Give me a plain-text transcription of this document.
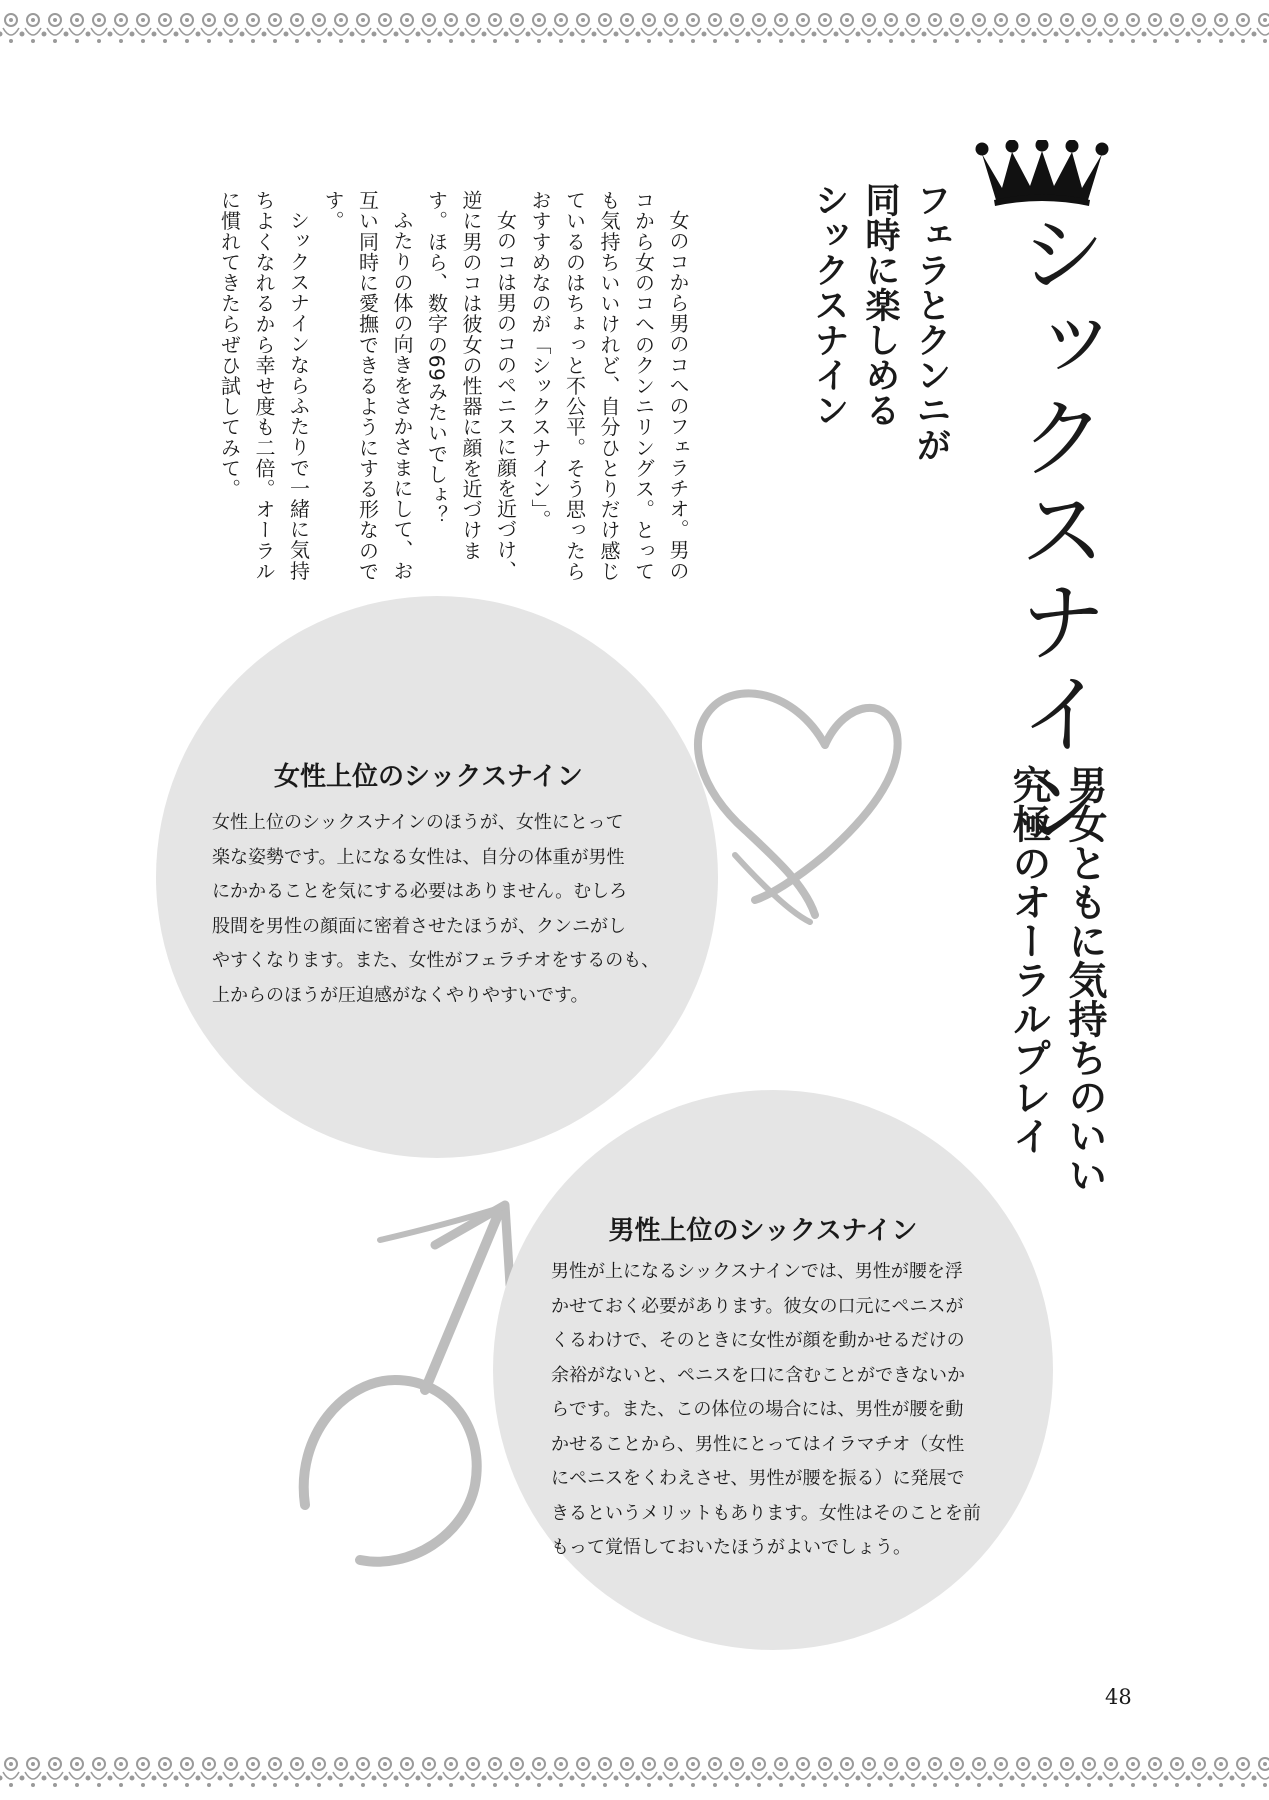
シックスナイン
男女ともに気持ちのいい
究極のオーラルプレイ
フェラとクンニが
同時に楽しめる
シックスナイン

女のコから男のコへのフェラチオ。男のコから女のコへのクンニリングス。とっても気持ちいいけれど、自分ひとりだけ感じているのはちょっと不公平。そう思ったらおすすめなのが「シックスナイン」。

女のコは男のコのペニスに顔を近づけ、逆に男のコは彼女の性器に顔を近づけます。ほら、数字の69みたいでしょ？

ふたりの体の向きをさかさまにして、お互い同時に愛撫できるようにする形なのです。

シックスナインならふたりで一緒に気持ちよくなれるから幸せ度も二倍。オーラルに慣れてきたらぜひ試してみて。

女性上位のシックスナイン
女性上位のシックスナインのほうが、女性にとって
楽な姿勢です。上になる女性は、自分の体重が男性
にかかることを気にする必要はありません。むしろ
股間を男性の顔面に密着させたほうが、クンニがし
やすくなります。また、女性がフェラチオをするのも、
上からのほうが圧迫感がなくやりやすいです。
男性上位のシックスナイン
男性が上になるシックスナインでは、男性が腰を浮
かせておく必要があります。彼女の口元にペニスが
くるわけで、そのときに女性が顔を動かせるだけの
余裕がないと、ペニスを口に含むことができないか
らです。また、この体位の場合には、男性が腰を動
かせることから、男性にとってはイラマチオ（女性
にペニスをくわえさせ、男性が腰を振る）に発展で
きるというメリットもあります。女性はそのことを前
もって覚悟しておいたほうがよいでしょう。
48
